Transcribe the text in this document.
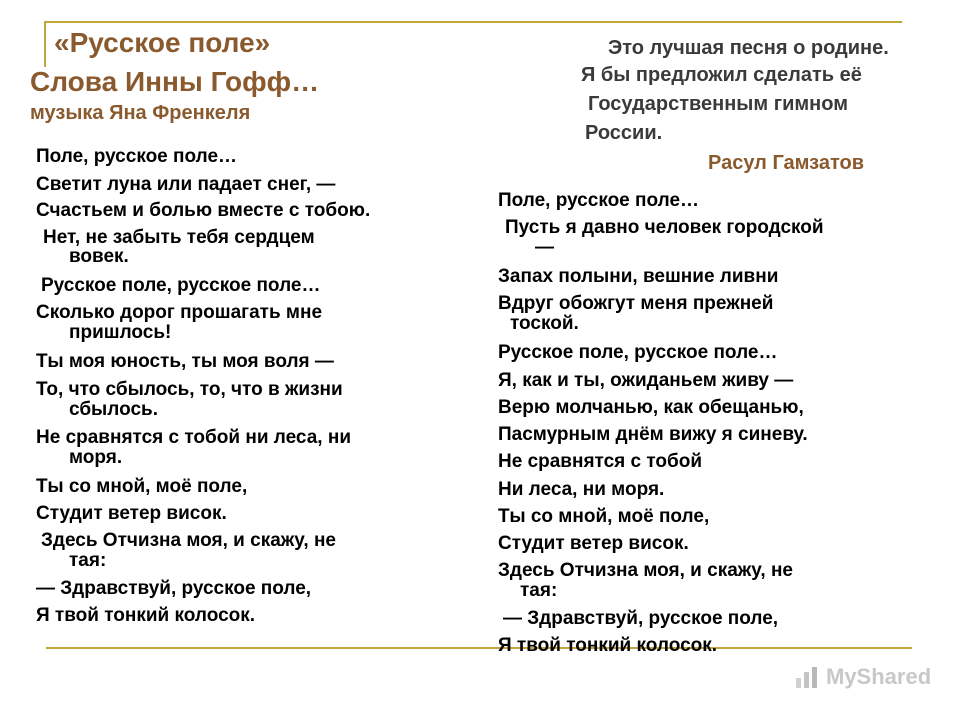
«Русское поле»
Слова Инны Гофф…
музыка Яна Френкеля
Это лучшая песня о родине.
Я бы предложил сделать её
Государственным гимном
России.
Расул Гамзатов
Поле, русское поле…
Светит луна или падает снег, —
Счастьем и болью вместе с тобою.
Нет, не забыть тебя сердцем
вовек.
Русское поле, русское поле…
Сколько дорог прошагать мне
пришлось!
Ты моя юность, ты моя воля —
То, что сбылось, то, что в жизни
сбылось.
Не сравнятся с тобой ни леса, ни
моря.
Ты со мной, моё поле,
Студит ветер висок.
Здесь Отчизна моя, и скажу, не
тая:
— Здравствуй, русское поле,
Я твой тонкий колосок.
Поле, русское поле…
Пусть я давно человек городской
—
Запах полыни, вешние ливни
Вдруг обожгут меня прежней
тоской.
Русское поле, русское поле…
Я, как и ты, ожиданьем живу —
Верю молчанью, как обещанью,
Пасмурным днём вижу я синеву.
Не сравнятся с тобой
Ни леса, ни моря.
Ты со мной, моё поле,
Студит ветер висок.
Здесь Отчизна моя, и скажу, не
тая:
— Здравствуй, русское поле,
Я твой тонкий колосок.
MyShared
